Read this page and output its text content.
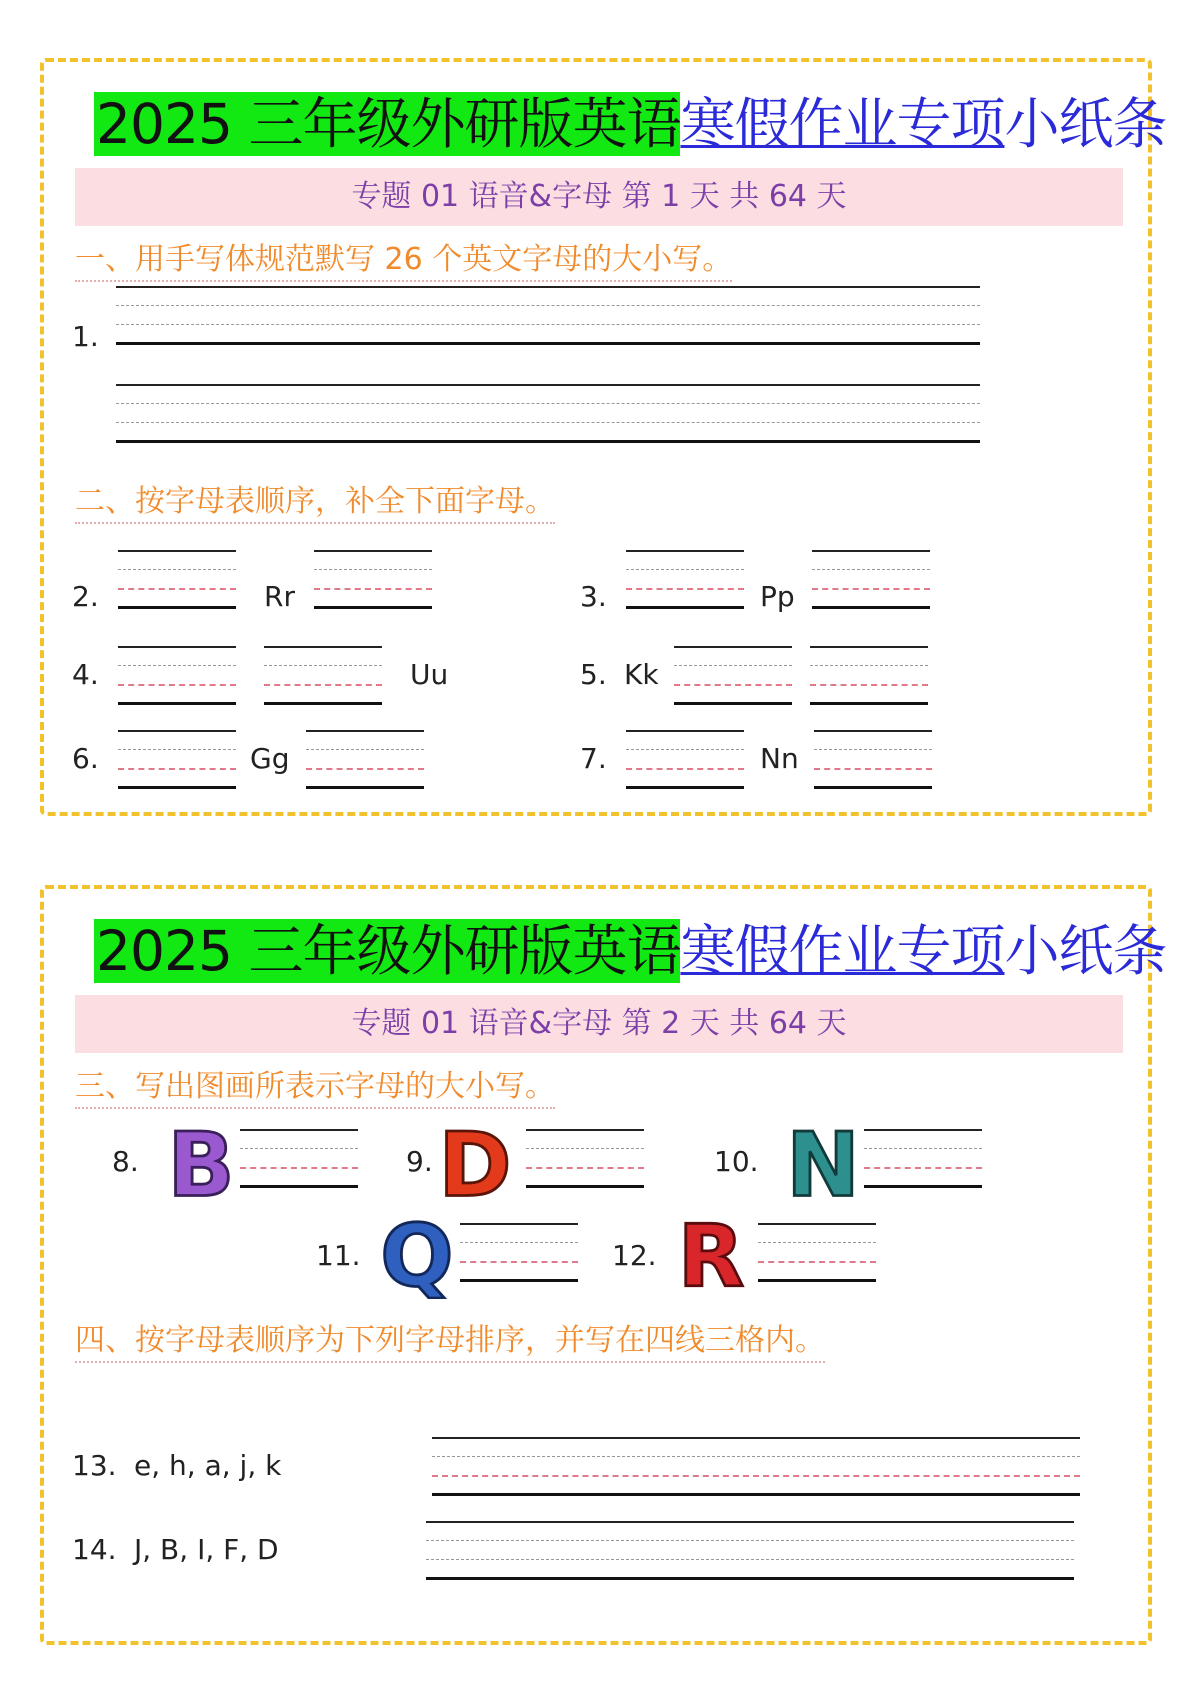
2025 三年级外研版英语寒假作业专项小纸条
专题 01 语音&字母 第 1 天 共 64 天
一、用手写体规范默写 26 个英文字母的大小写。
1.
二、按字母表顺序，补全下面字母。
2.	Rr	3.	Pp
4.	Uu	5. Kk
6.	Gg	7.	Nn
2025 三年级外研版英语寒假作业专项小纸条
专题 01 语音&字母 第 2 天 共 64 天
三、写出图画所表示字母的大小写。
8. B	9. D	10. N
11. Q	12. R
四、按字母表顺序为下列字母排序，并写在四线三格内。
13. e, h, a, j, k
14. J, B, I, F, D
